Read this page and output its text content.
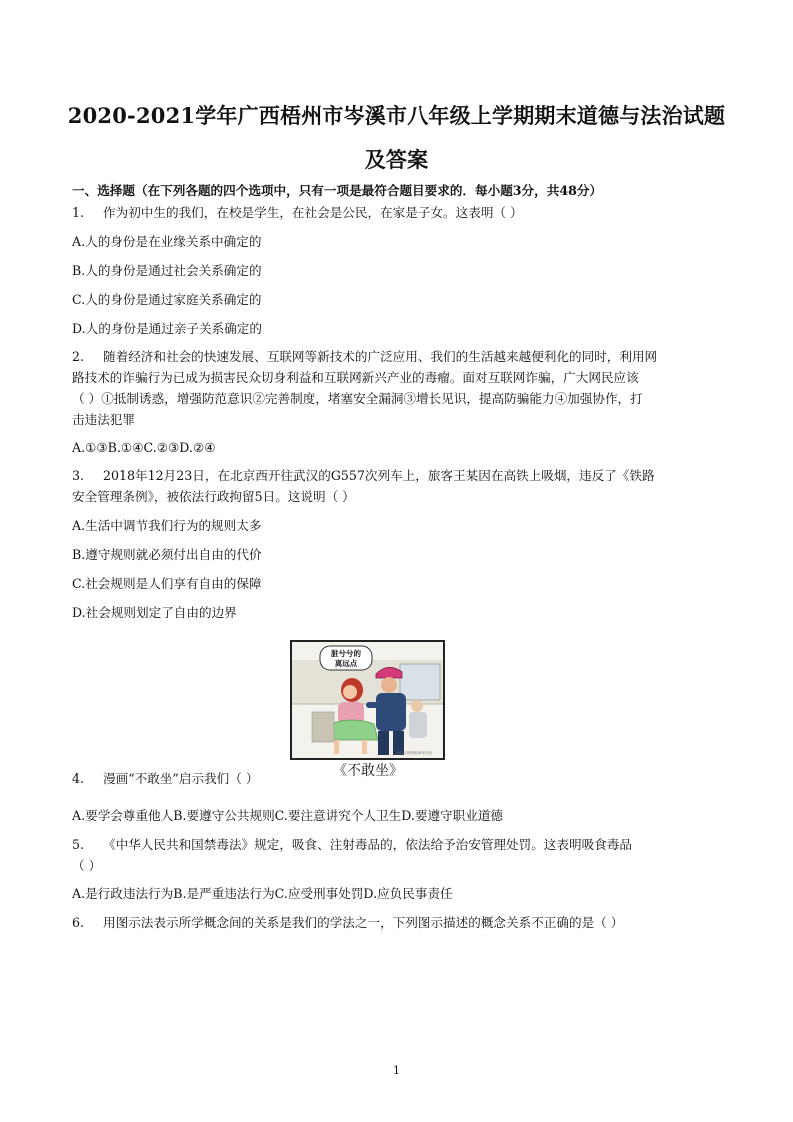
2020-2021学年广西梧州市岑溪市八年级上学期期末道德与法治试题
及答案
一、选择题（在下列各题的四个选项中，只有一项是最符合题目要求的．每小题3分，共48分）
1. 作为初中生的我们，在校是学生，在社会是公民，在家是子女。这表明（ ）
A.人的身份是在业缘关系中确定的
B.人的身份是通过社会关系确定的
C.人的身份是通过家庭关系确定的
D.人的身份是通过亲子关系确定的
2. 随着经济和社会的快速发展、互联网等新技术的广泛应用、我们的生活越来越便利化的同时，利用网
路技术的诈骗行为已成为损害民众切身利益和互联网新兴产业的毒瘤。面对互联网诈骗，广大网民应该
（ ）①抵制诱惑，增强防范意识②完善制度，堵塞安全漏洞③增长见识，提高防骗能力④加强协作，打
击违法犯罪
A.①③B.①④C.②③D.②④
3. 2018年12月23日，在北京西开往武汉的G557次列车上，旅客王某因在高铁上吸烟，违反了《铁路
安全管理条例》，被依法行政拘留5日。这说明（ ）
A.生活中调节我们行为的规则太多
B.遵守规则就必须付出自由的代价
C.社会规则是人们享有自由的保障
D.社会规则划定了自由的边界
脏兮兮的
离远点
漫画作者张敏/新华社发
《不敢坐》
4. 漫画“不敢坐”启示我们（ ）
A.要学会尊重他人B.要遵守公共规则C.要注意讲究个人卫生D.要遵守职业道德
5. 《中华人民共和国禁毒法》规定，吸食、注射毒品的，依法给予治安管理处罚。这表明吸食毒品
（ ）
A.是行政违法行为B.是严重违法行为C.应受刑事处罚D.应负民事责任
6. 用图示法表示所学概念间的关系是我们的学法之一，下列图示描述的概念关系不正确的是（ ）
1
